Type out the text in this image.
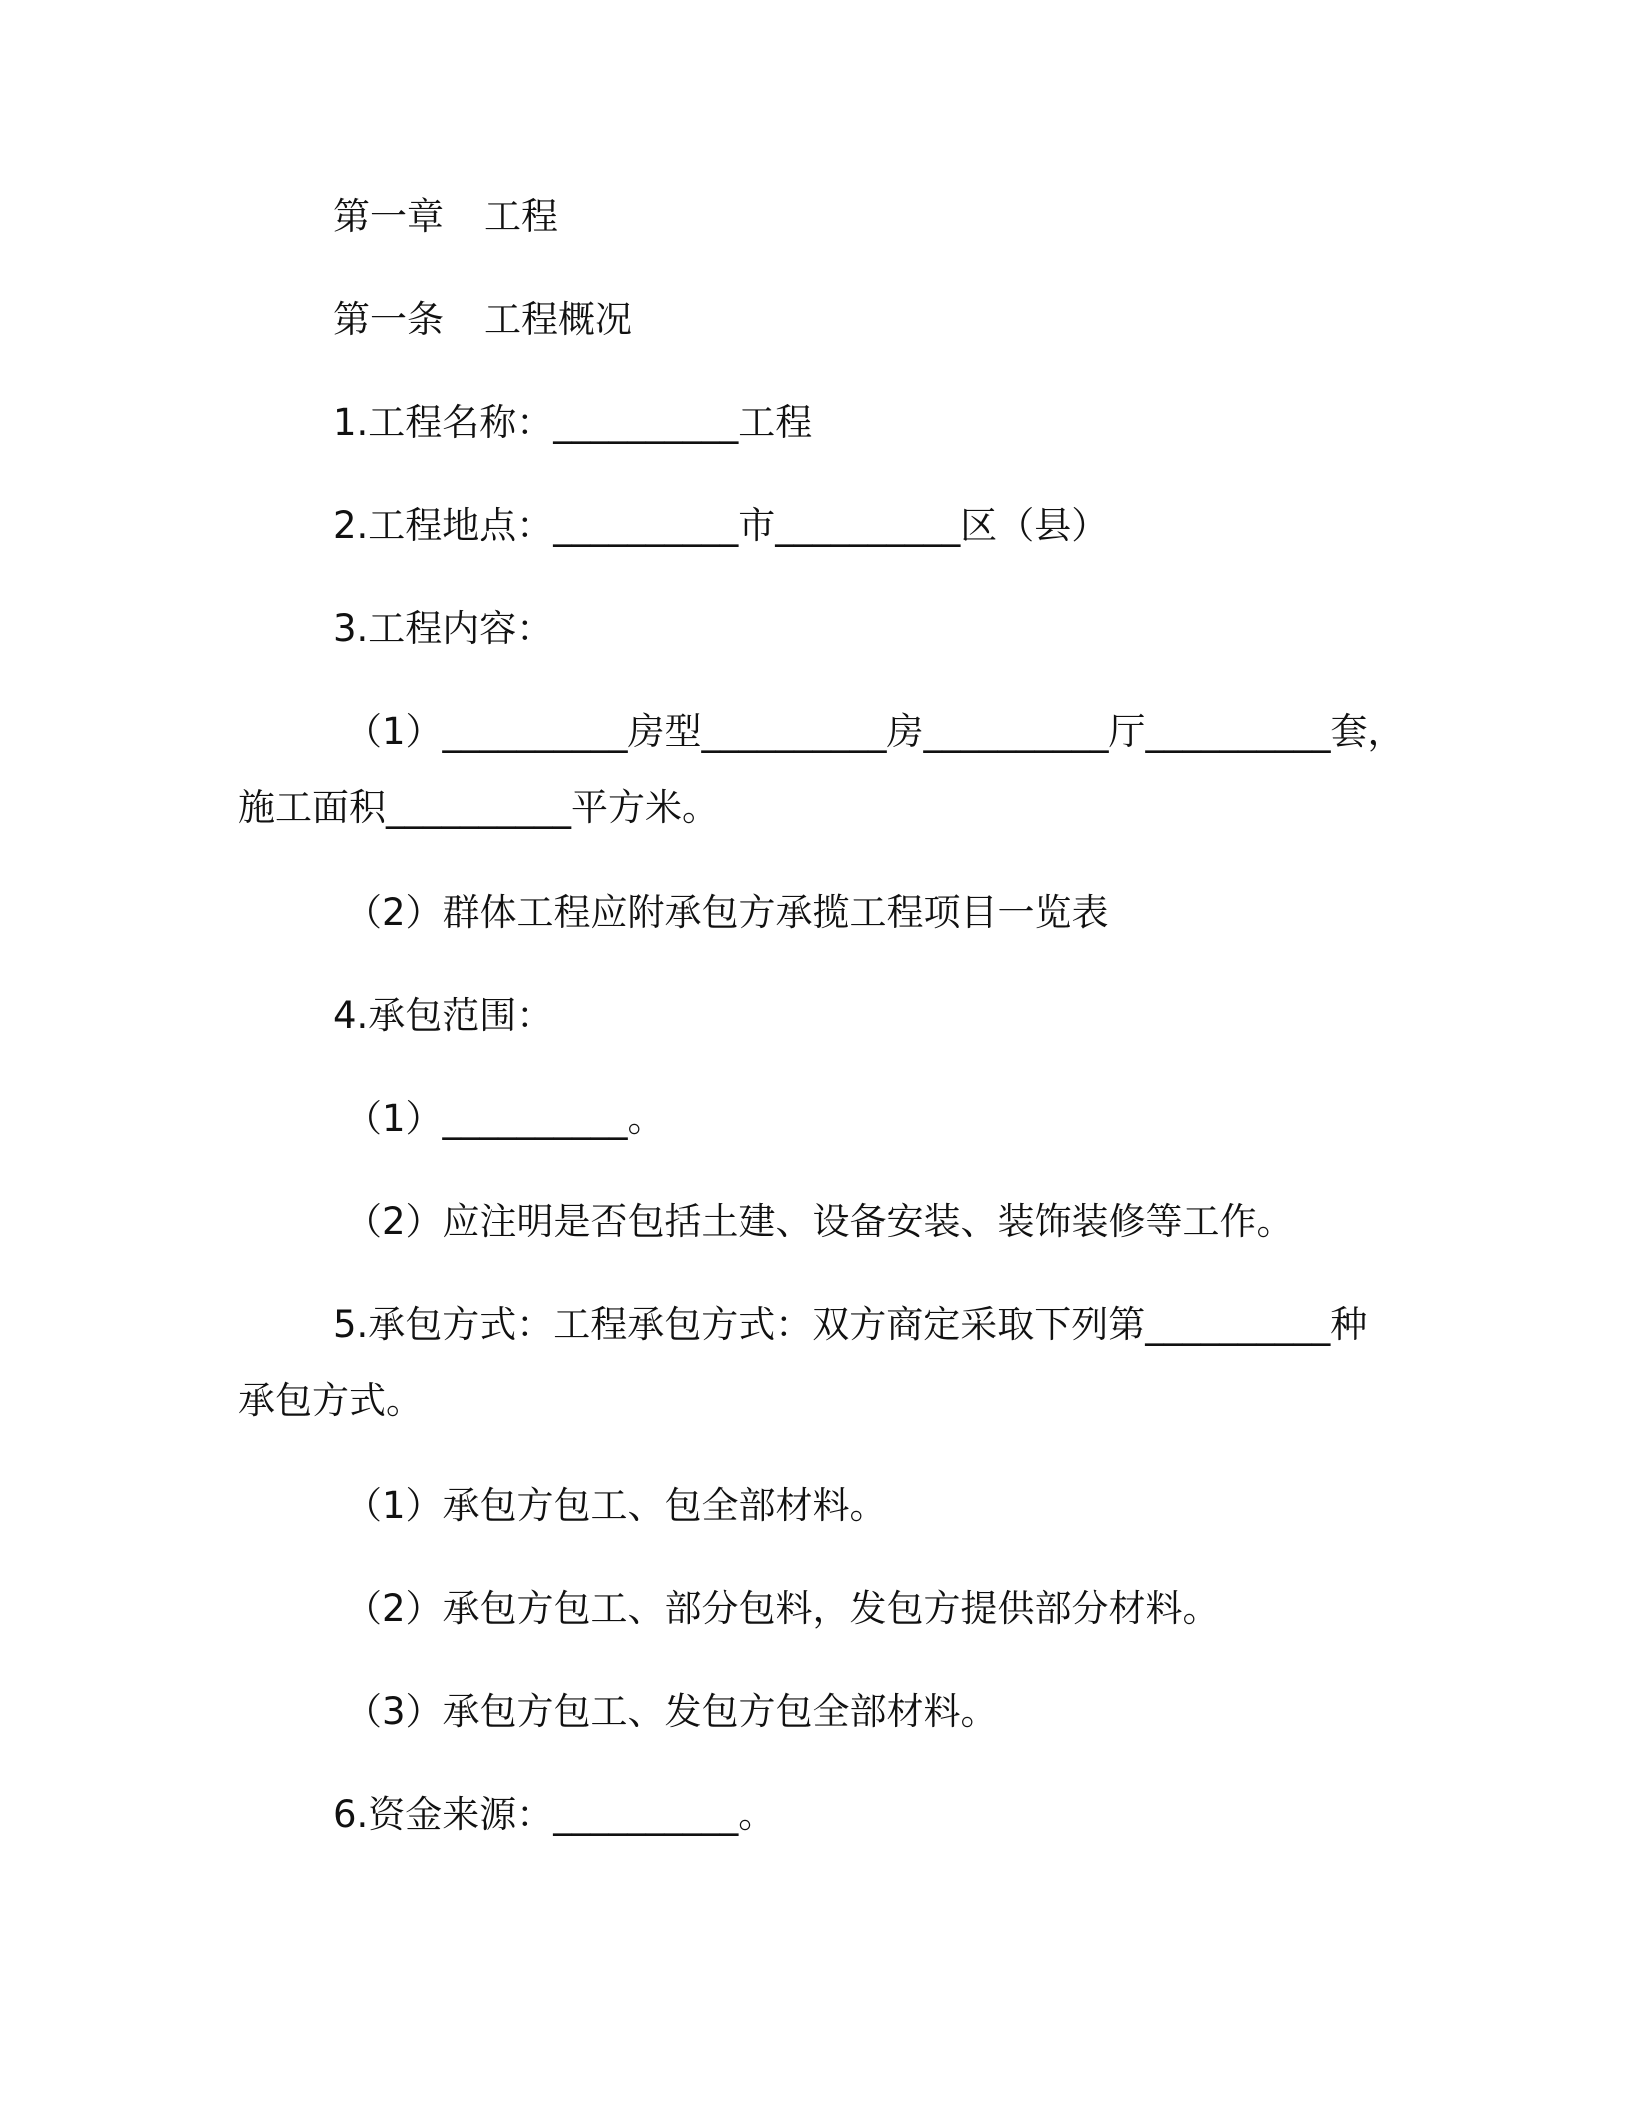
第一章 工程
第一条 工程概况
1.工程名称：__________工程
2.工程地点：__________市__________区（县）
3.工程内容：
（1）__________房型__________房__________厅__________套，
施工面积__________平方米。
（2）群体工程应附承包方承揽工程项目一览表
4.承包范围：
（1）__________。
（2）应注明是否包括土建、设备安装、装饰装修等工作。
5.承包方式：工程承包方式：双方商定采取下列第__________种
承包方式。
（1）承包方包工、包全部材料。
（2）承包方包工、部分包料，发包方提供部分材料。
（3）承包方包工、发包方包全部材料。
6.资金来源：__________。
